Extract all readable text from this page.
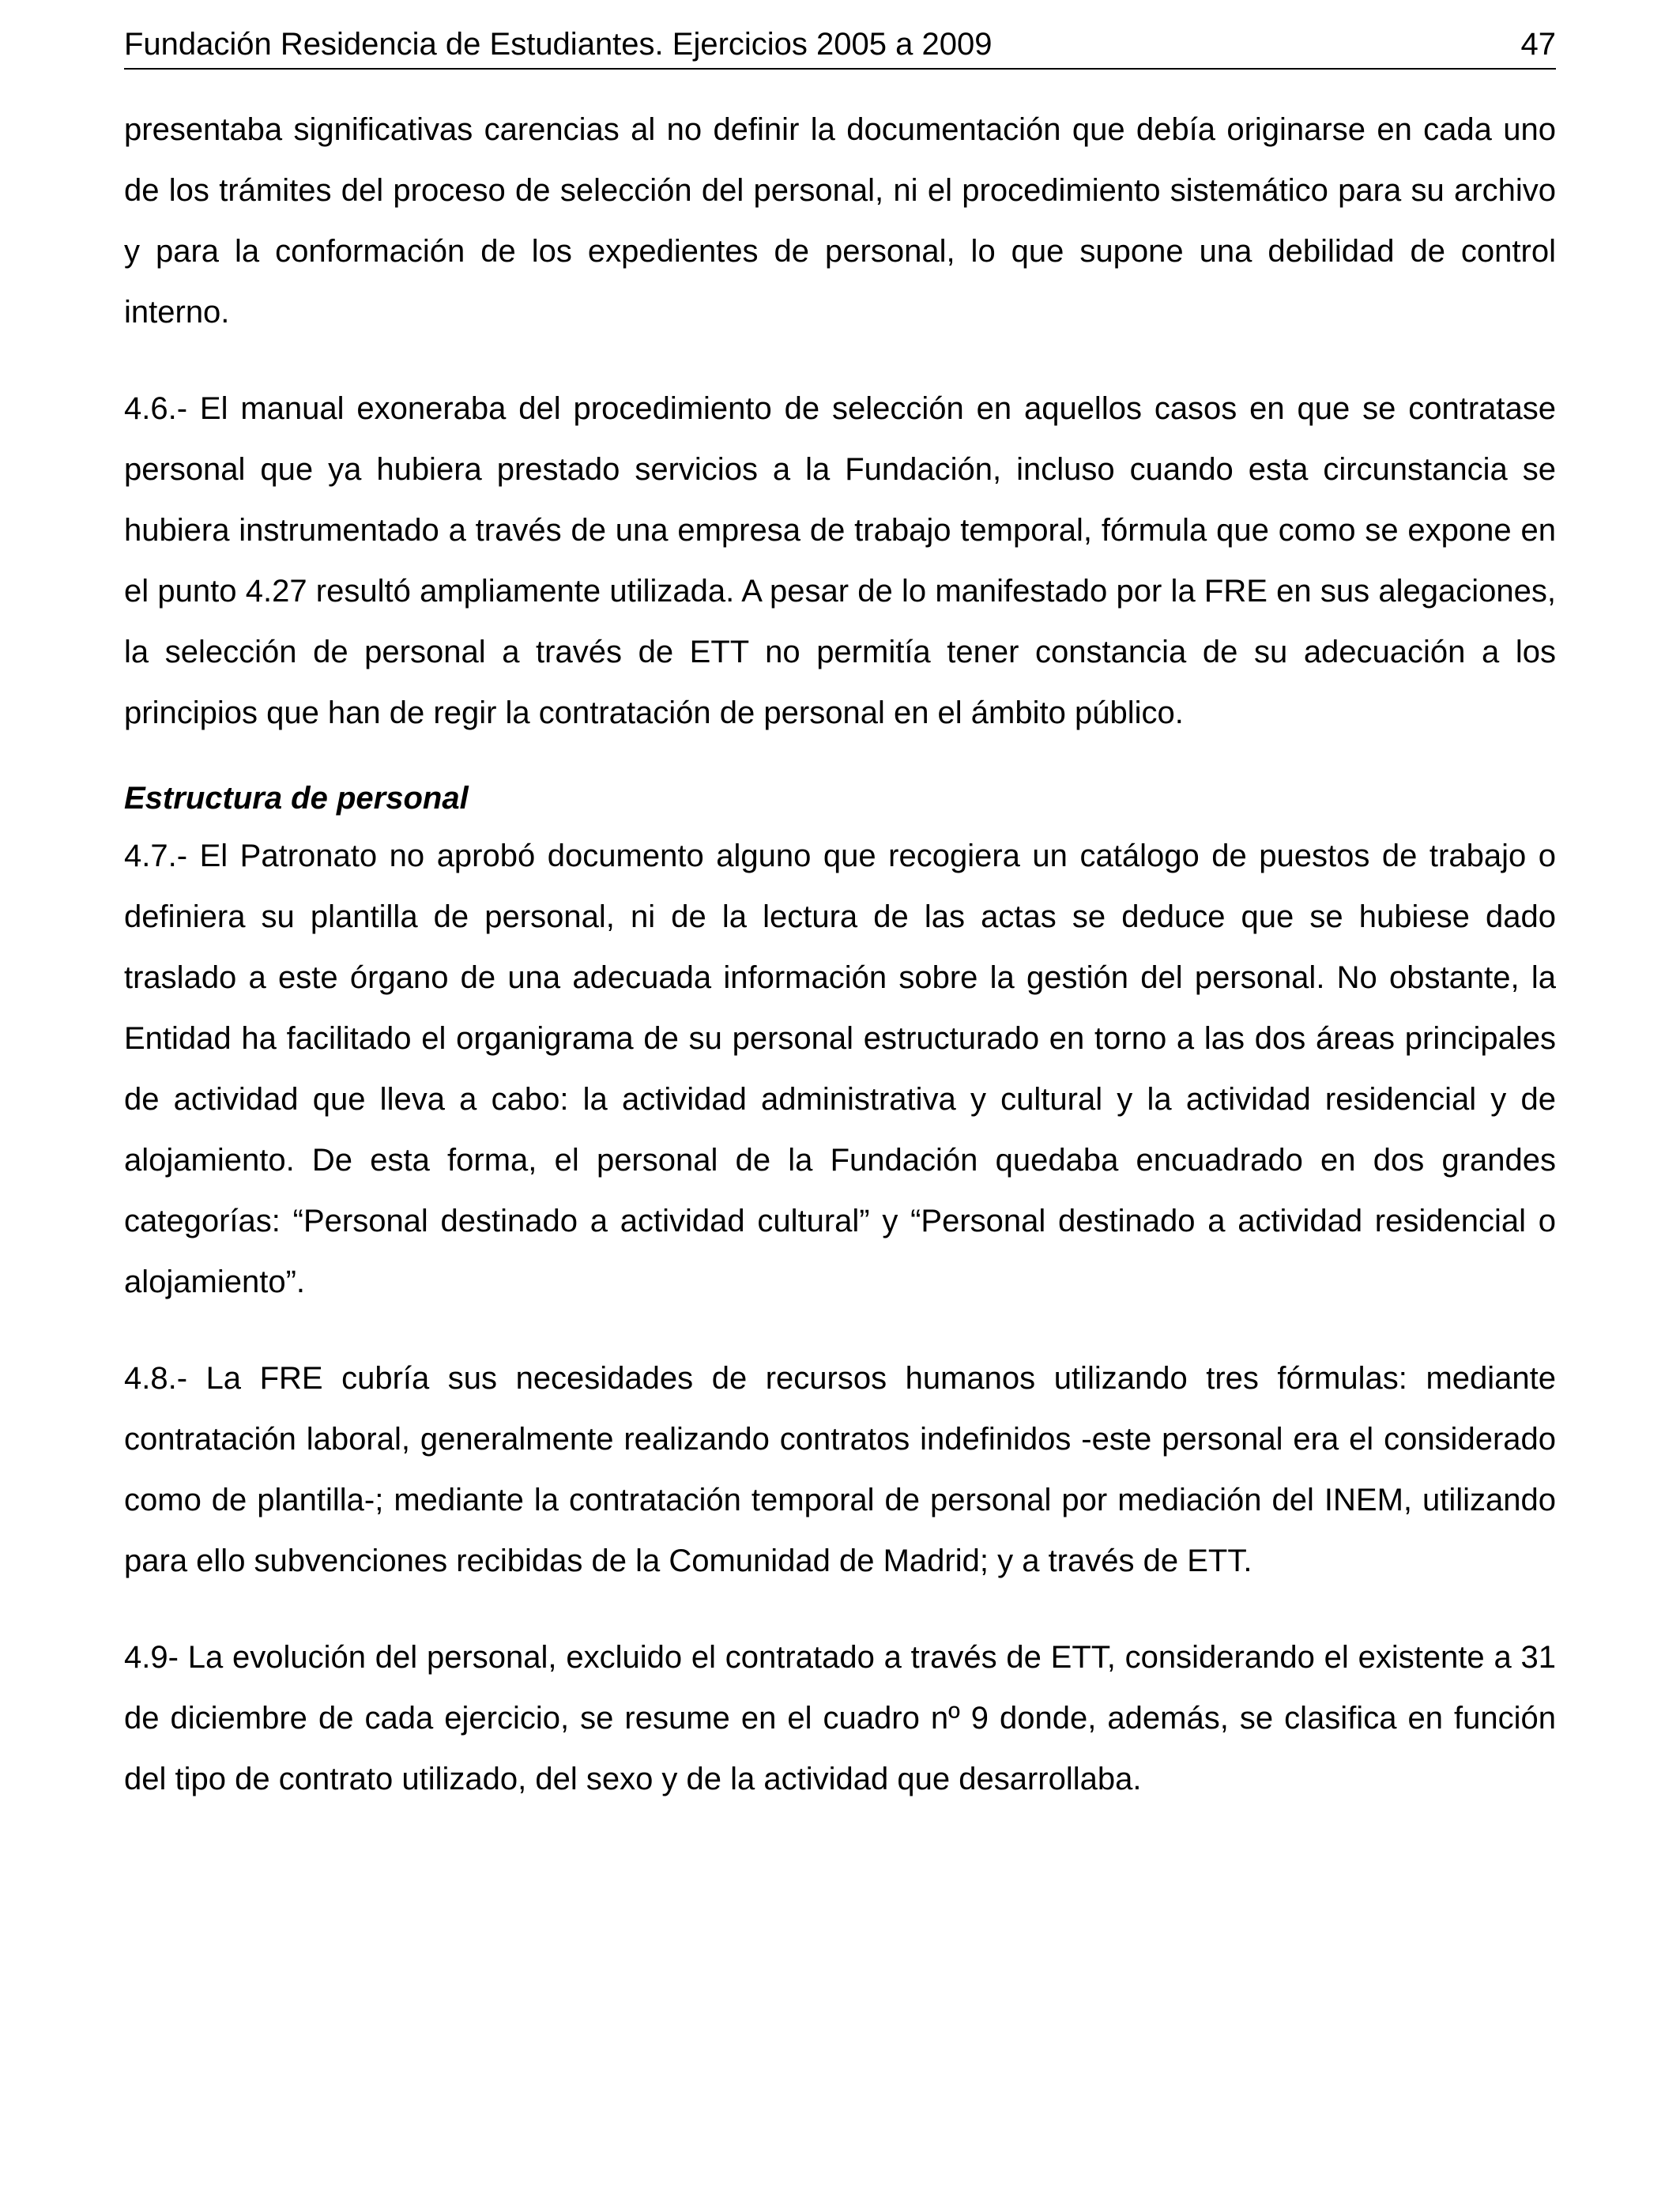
Fundación Residencia de Estudiantes. Ejercicios 2005 a 2009	47

presentaba significativas carencias al no definir la documentación que debía originarse en cada uno de los trámites del proceso de selección del personal, ni el procedimiento sistemático para su archivo y para la conformación de los expedientes de personal, lo que supone una debilidad de control interno.

4.6.- El manual exoneraba del procedimiento de selección en aquellos casos en que se contratase personal que ya hubiera prestado servicios a la Fundación, incluso cuando esta circunstancia se hubiera instrumentado a través de una empresa de trabajo temporal, fórmula que como se expone en el punto 4.27 resultó ampliamente utilizada. A pesar de lo manifestado por la FRE en sus alegaciones, la selección de personal a través de ETT no permitía tener constancia de su adecuación a los principios que han de regir la contratación de personal en el ámbito público.

Estructura de personal

4.7.- El Patronato no aprobó documento alguno que recogiera un catálogo de puestos de trabajo o definiera su plantilla de personal, ni de la lectura de las actas se deduce que se hubiese dado traslado a este órgano de una adecuada información sobre la gestión del personal. No obstante, la Entidad ha facilitado el organigrama de su personal estructurado en torno a las dos áreas principales de actividad que lleva a cabo: la actividad administrativa y cultural y la actividad residencial y de alojamiento. De esta forma, el personal de la Fundación quedaba encuadrado en dos grandes categorías: “Personal destinado a actividad cultural” y “Personal destinado a actividad residencial o alojamiento”.

4.8.- La FRE cubría sus necesidades de recursos humanos utilizando tres fórmulas: mediante contratación laboral, generalmente realizando contratos indefinidos -este personal era el considerado como de plantilla-; mediante la contratación temporal de personal por mediación del INEM, utilizando para ello subvenciones recibidas de la Comunidad de Madrid; y a través de ETT.

4.9- La evolución del personal, excluido el contratado a través de ETT, considerando el existente a 31 de diciembre de cada ejercicio, se resume en el cuadro nº 9 donde, además, se clasifica en función del tipo de contrato utilizado, del sexo y de la actividad que desarrollaba.
